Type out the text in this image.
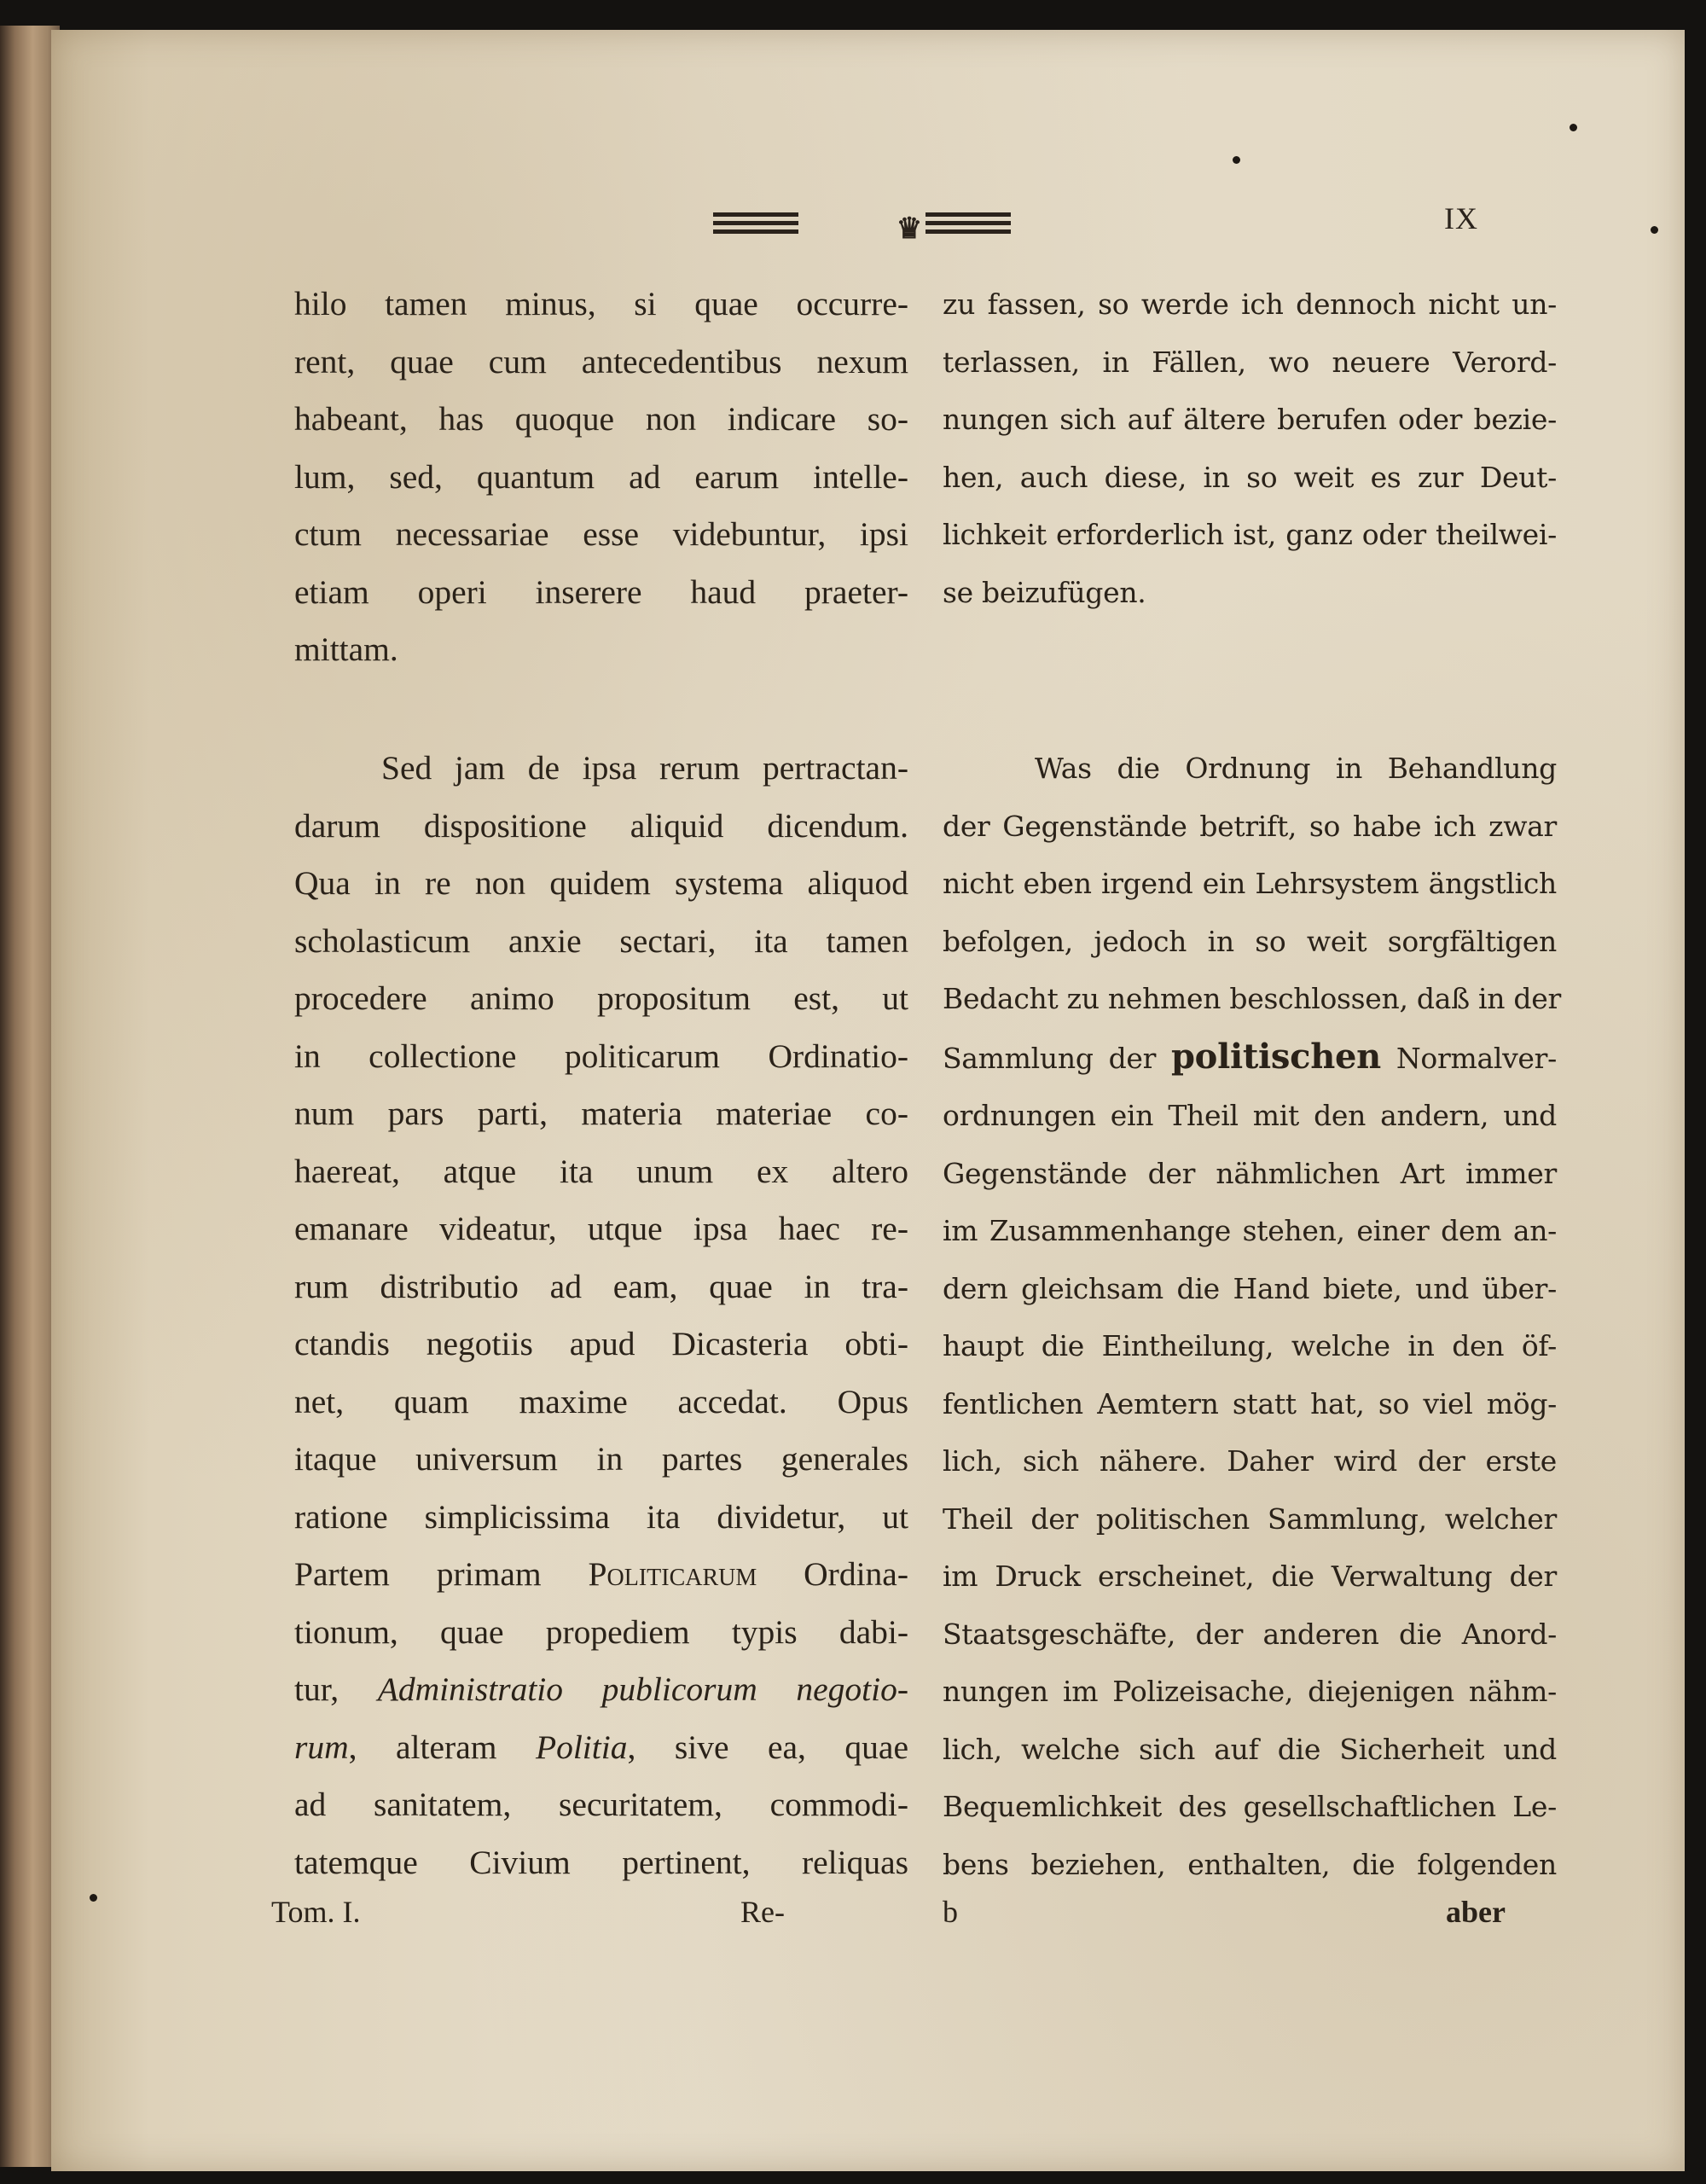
♛	IX

hilo tamen minus, si quae occurre-
rent, quae cum antecedentibus nexum
habeant, has quoque non indicare so-
lum, sed, quantum ad earum intelle-
ctum necessariae esse videbuntur, ipsi
etiam operi inserere haud praeter-
mittam.

Sed jam de ipsa rerum pertractan-
darum dispositione aliquid dicendum.
Qua in re non quidem systema aliquod
scholasticum anxie sectari, ita tamen
procedere animo propositum est, ut
in collectione politicarum Ordinatio-
num pars parti, materia materiae co-
haereat, atque ita unum ex altero
emanare videatur, utque ipsa haec re-
rum distributio ad eam, quae in tra-
ctandis negotiis apud Dicasteria obti-
net, quam maxime accedat. Opus
itaque universum in partes generales
ratione simplicissima ita dividetur, ut
Partem primam Politicarum Ordina-
tionum, quae propediem typis dabi-
tur, Administratio publicorum negotio-
rum, alteram Politia, sive ea, quae
ad sanitatem, securitatem, commodi-
tatemque Civium pertinent, reliquas

Tom. I.	Re-

zu fassen, so werde ich dennoch nicht un-
terlassen, in Fällen, wo neuere Verord-
nungen sich auf ältere berufen oder bezie-
hen, auch diese, in so weit es zur Deut-
lichkeit erforderlich ist, ganz oder theilwei-
se beizufügen.

Was die Ordnung in Behandlung
der Gegenstände betrift, so habe ich zwar
nicht eben irgend ein Lehrsystem ängstlich
befolgen, jedoch in so weit sorgfältigen
Bedacht zu nehmen beschlossen, daß in der
Sammlung der politischen Normalver-
ordnungen ein Theil mit den andern, und
Gegenstände der nähmlichen Art immer
im Zusammenhange stehen, einer dem an-
dern gleichsam die Hand biete, und über-
haupt die Eintheilung, welche in den öf-
fentlichen Aemtern statt hat, so viel mög-
lich, sich nähere. Daher wird der erste
Theil der politischen Sammlung, welcher
im Druck erscheinet, die Verwaltung der
Staatsgeschäfte, der anderen die Anord-
nungen im Polizeisache, diejenigen nähm-
lich, welche sich auf die Sicherheit und
Bequemlichkeit des gesellschaftlichen Le-
bens beziehen, enthalten, die folgenden

b	aber
